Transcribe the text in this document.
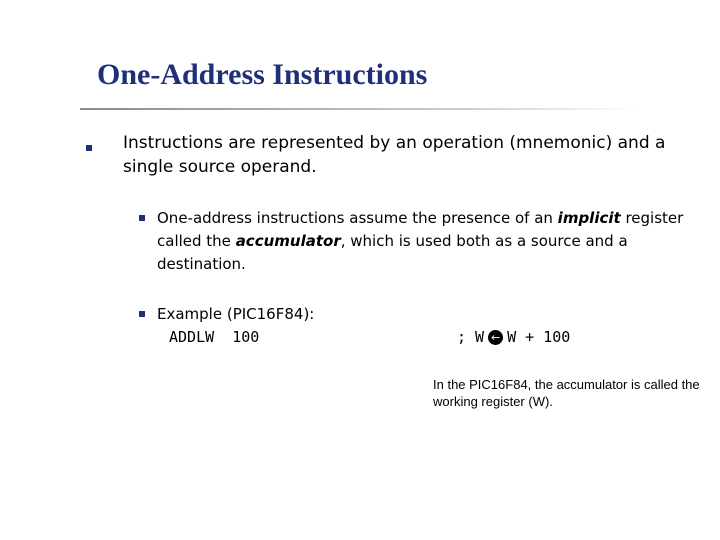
One-Address Instructions
Instructions are represented by an operation (mnemonic) and a single source operand.
One-address instructions assume the presence of an implicit register called the accumulator, which is used both as a source and a destination.
Example (PIC16F84):
ADDLW  100	; W ← W + 100
In the PIC16F84, the accumulator is called the working register (W).
